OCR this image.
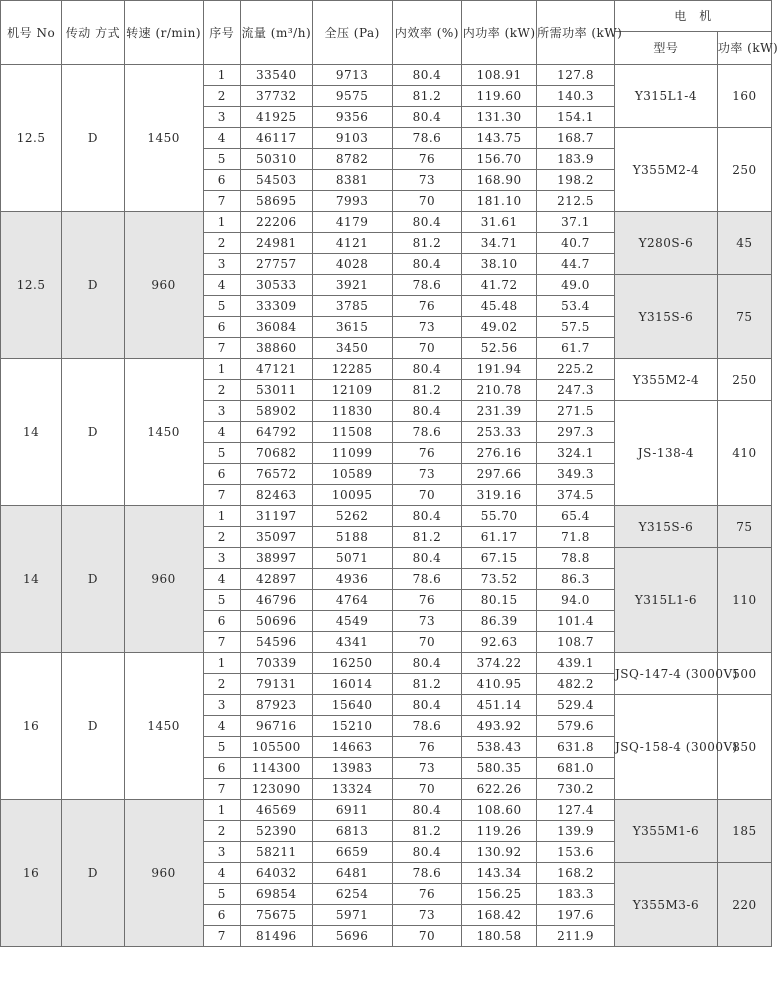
机号 No	传动 方式	转速 (r/min)	序号	流量 (m³/h)	全压 (Pa)	内效率 (%)	内功率 (kW)	所需功率 (kW)	电　机	
									型号	功率 (kW)
12.5	D	1450	1	33540	9713	80.4	108.91	127.8	Y315L1-4	160
			2	37732	9575	81.2	119.60	140.3		
			3	41925	9356	80.4	131.30	154.1		
			4	46117	9103	78.6	143.75	168.7	Y355M2-4	250
			5	50310	8782	76	156.70	183.9		
			6	54503	8381	73	168.90	198.2		
			7	58695	7993	70	181.10	212.5		
12.5	D	960	1	22206	4179	80.4	31.61	37.1	Y280S-6	45
			2	24981	4121	81.2	34.71	40.7		
			3	27757	4028	80.4	38.10	44.7		
			4	30533	3921	78.6	41.72	49.0	Y315S-6	75
			5	33309	3785	76	45.48	53.4		
			6	36084	3615	73	49.02	57.5		
			7	38860	3450	70	52.56	61.7		
14	D	1450	1	47121	12285	80.4	191.94	225.2	Y355M2-4	250
			2	53011	12109	81.2	210.78	247.3		
			3	58902	11830	80.4	231.39	271.5	JS-138-4	410
			4	64792	11508	78.6	253.33	297.3		
			5	70682	11099	76	276.16	324.1		
			6	76572	10589	73	297.66	349.3		
			7	82463	10095	70	319.16	374.5		
14	D	960	1	31197	5262	80.4	55.70	65.4	Y315S-6	75
			2	35097	5188	81.2	61.17	71.8		
			3	38997	5071	80.4	67.15	78.8	Y315L1-6	110
			4	42897	4936	78.6	73.52	86.3		
			5	46796	4764	76	80.15	94.0		
			6	50696	4549	73	86.39	101.4		
			7	54596	4341	70	92.63	108.7		
16	D	1450	1	70339	16250	80.4	374.22	439.1	JSQ-147-4 (3000V)	500
			2	79131	16014	81.2	410.95	482.2		
			3	87923	15640	80.4	451.14	529.4	JSQ-158-4 (3000V)	850
			4	96716	15210	78.6	493.92	579.6		
			5	105500	14663	76	538.43	631.8		
			6	114300	13983	73	580.35	681.0		
			7	123090	13324	70	622.26	730.2		
16	D	960	1	46569	6911	80.4	108.60	127.4	Y355M1-6	185
			2	52390	6813	81.2	119.26	139.9		
			3	58211	6659	80.4	130.92	153.6		
			4	64032	6481	78.6	143.34	168.2	Y355M3-6	220
			5	69854	6254	76	156.25	183.3		
			6	75675	5971	73	168.42	197.6		
			7	81496	5696	70	180.58	211.9		
